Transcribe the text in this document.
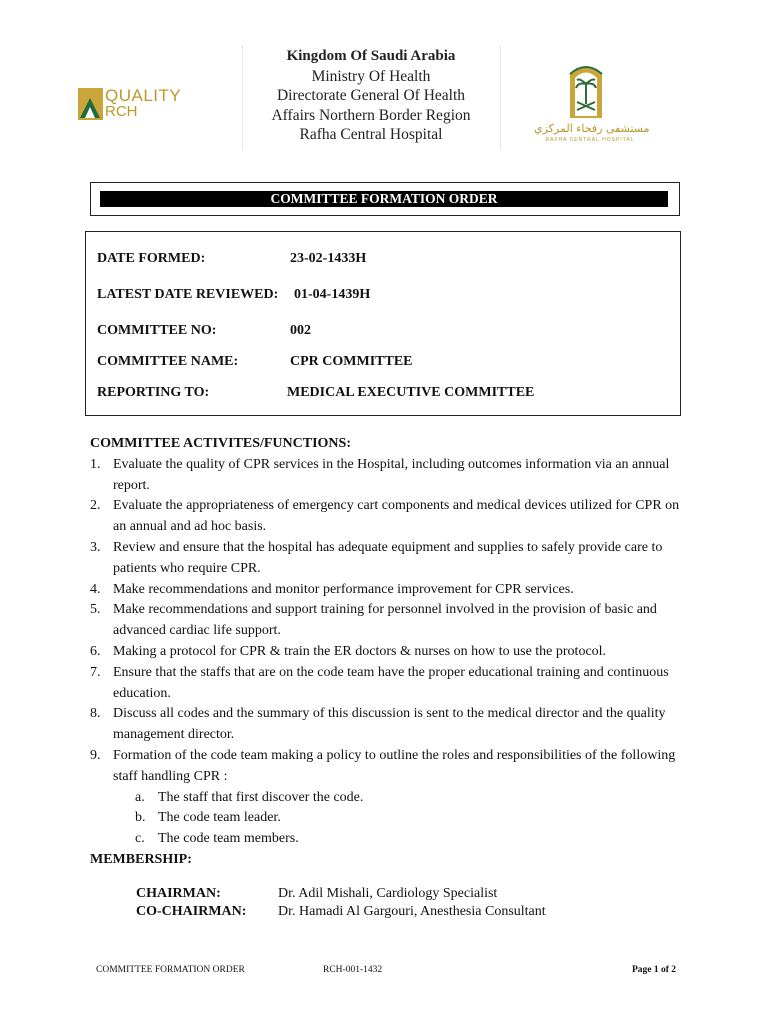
QUALITY
RCH
Kingdom Of Saudi Arabia
Ministry Of Health
Directorate General Of Health
Affairs Northern Border Region
Rafha Central Hospital	مستشفى رفحاء المركزي
RAFHA CENTRAL HOSPITAL
COMMITTEE FORMATION ORDER
DATE FORMED:	23-02-1433H
LATEST DATE REVIEWED: 01-04-1439H
COMMITTEE NO:	002
COMMITTEE NAME:	CPR COMMITTEE
REPORTING TO:	MEDICAL EXECUTIVE COMMITTEE
COMMITTEE ACTIVITES/FUNCTIONS:
1. Evaluate the quality of CPR services in the Hospital, including outcomes information via an annual report.
2. Evaluate the appropriateness of emergency cart components and medical devices utilized for CPR on an annual and ad hoc basis.
3. Review and ensure that the hospital has adequate equipment and supplies to safely provide care to patients who require CPR.
4. Make recommendations and monitor performance improvement for CPR services.
5. Make recommendations and support training for personnel involved in the provision of basic and advanced cardiac life support.
6. Making a protocol for CPR & train the ER doctors & nurses on how to use the protocol.
7. Ensure that the staffs that are on the code team have the proper educational training and continuous education.
8. Discuss all codes and the summary of this discussion is sent to the medical director and the quality management director.
9. Formation of the code team making a policy to outline the roles and responsibilities of the following staff handling CPR :
a. The staff that first discover the code.
b. The code team leader.
c. The code team members.
MEMBERSHIP:
CHAIRMAN:	Dr. Adil Mishali, Cardiology Specialist
CO-CHAIRMAN: Dr. Hamadi Al Gargouri, Anesthesia Consultant
COMMITTEE FORMATION ORDER	RCH-001-1432	Page 1 of 2
